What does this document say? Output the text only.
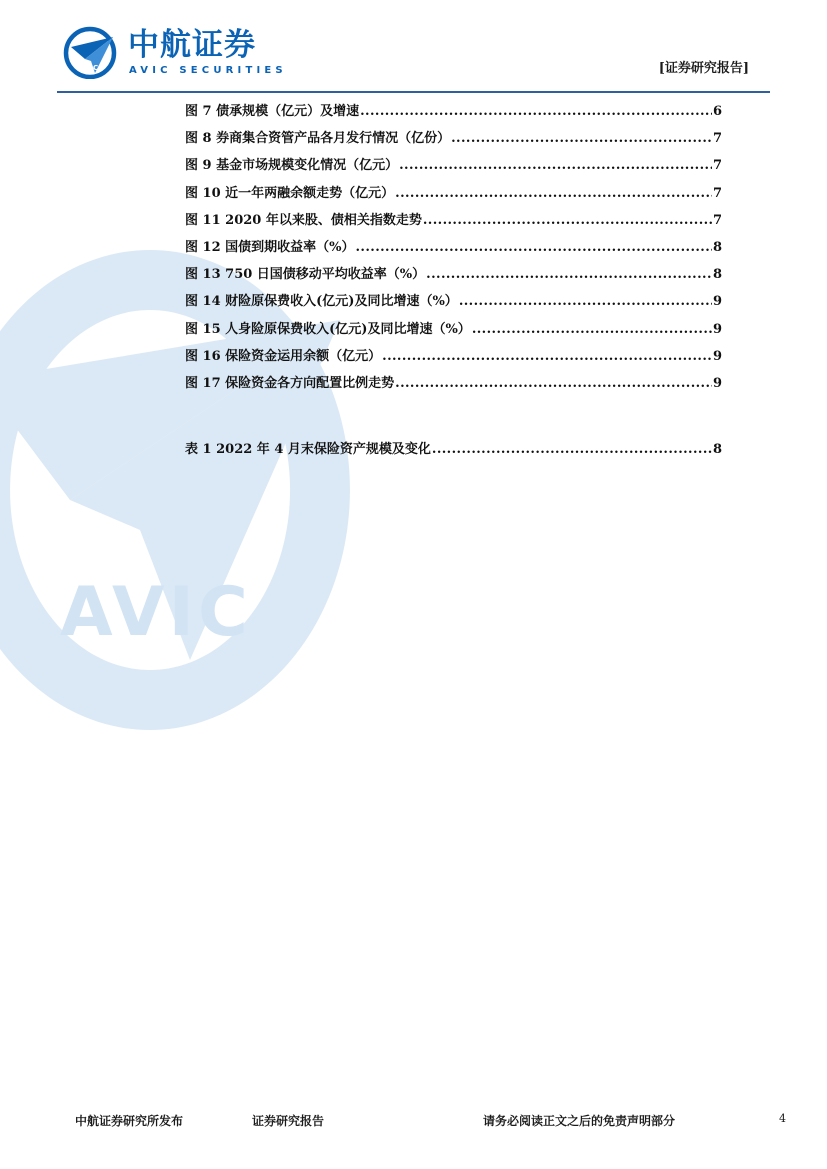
AVIC
AVIC
中航证券
AVIC SECURITIES	[证券研究报告]
图 7 债承规模（亿元）及增速 .....	6
图 8 券商集合资管产品各月发行情况（亿份） .....	7
图 9 基金市场规模变化情况（亿元） .....	7
图 10 近一年两融余额走势（亿元） .....	7
图 11 2020 年以来股、债相关指数走势 .....	7
图 12 国债到期收益率（%） .....	8
图 13 750 日国债移动平均收益率（%） .....	8
图 14 财险原保费收入(亿元)及同比增速（%） .....	9
图 15 人身险原保费收入(亿元)及同比增速（%） .....	9
图 16 保险资金运用余额（亿元） .....	9
图 17 保险资金各方向配置比例走势 .....	9
表 1 2022 年 4 月末保险资产规模及变化 .....	8
中航证券研究所发布	证券研究报告	请务必阅读正文之后的免责声明部分	4
